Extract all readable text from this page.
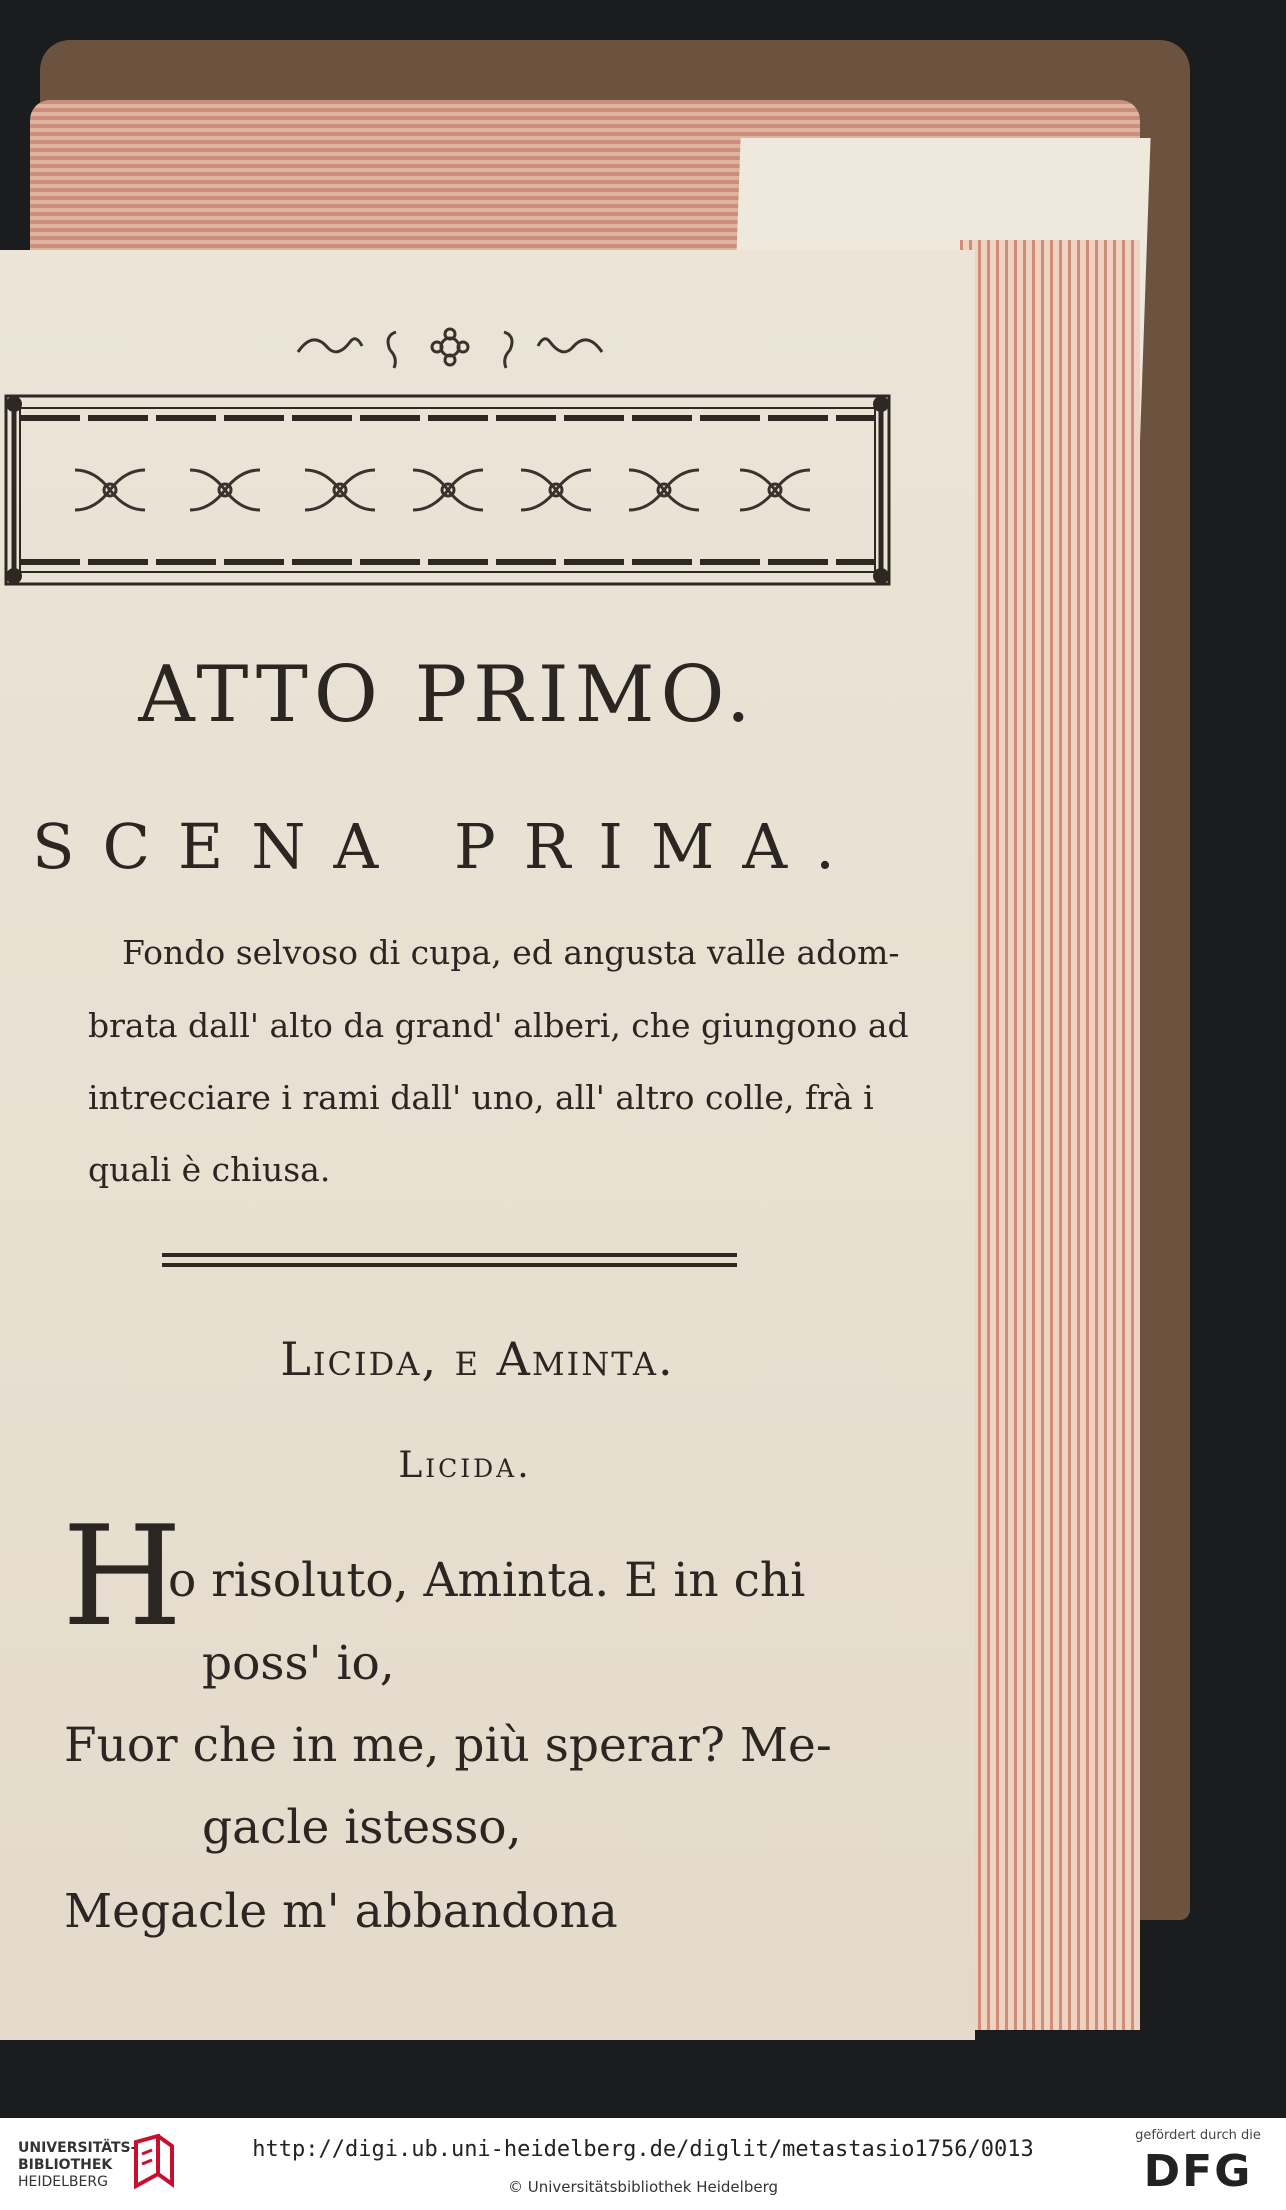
ATTO PRIMO.
SCENA PRIMA.
Fondo selvoso di cupa, ed angusta valle adom-
brata dall' alto da grand' alberi, che giungono ad
intrecciare i rami dall' uno, all' altro colle, frà i
quali è chiusa.
Licida, e Aminta.
Licida.
H
o risoluto, Aminta. E in chi
poss' io,
Fuor che in me, più sperar? Me-
gacle istesso,
Megacle m' abbandona
UNIVERSITÄTS-
BIBLIOTHEK
HEIDELBERG
http://digi.ub.uni-heidelberg.de/diglit/metastasio1756/0013
© Universitätsbibliothek Heidelberg
gefördert durch die
DFG
